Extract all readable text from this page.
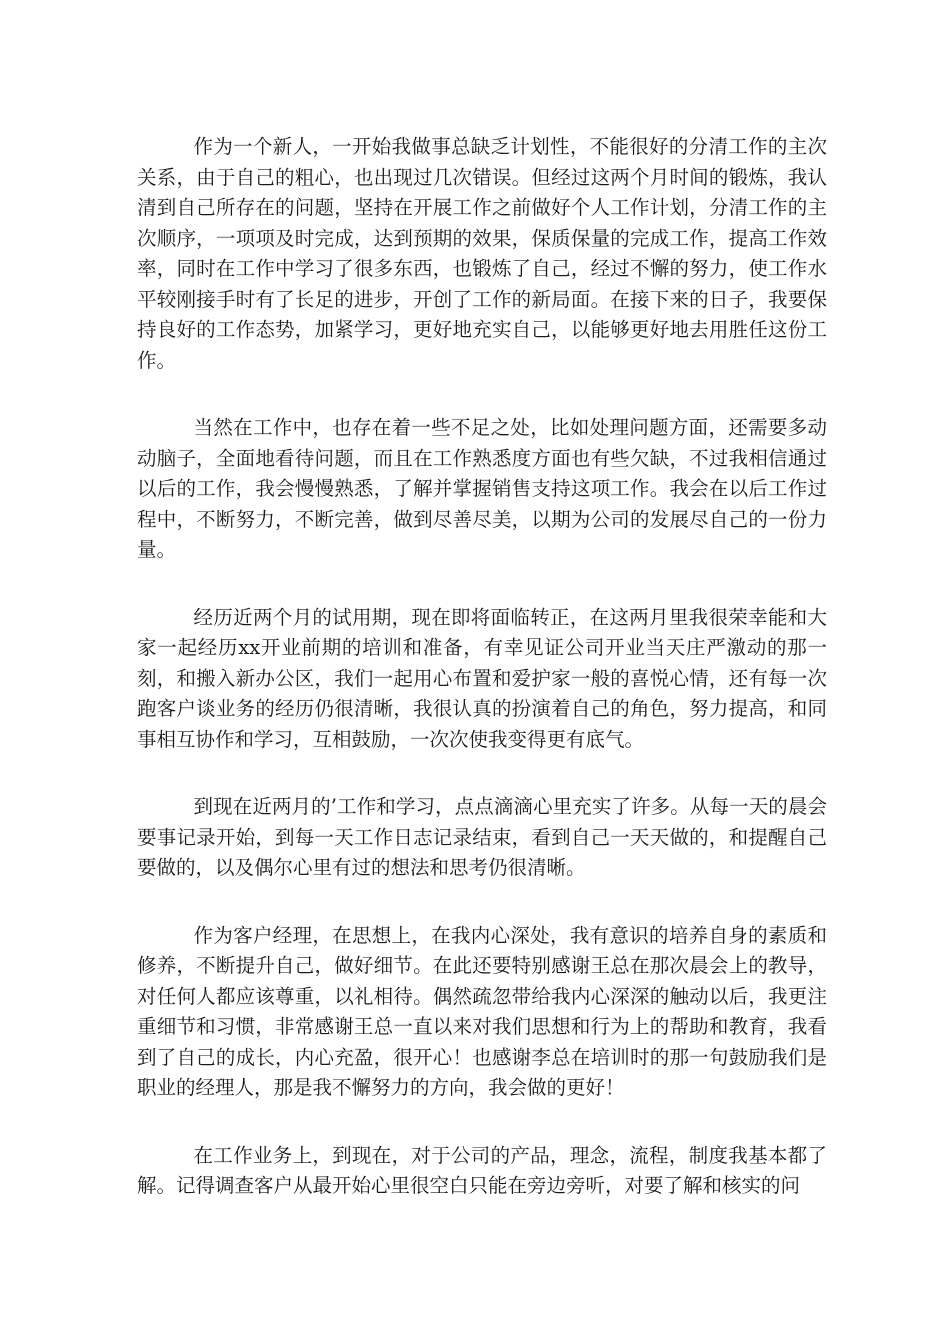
作为一个新人，一开始我做事总缺乏计划性，不能很好的分清工作的主次关系，由于自己的粗心，也出现过几次错误。但经过这两个月时间的锻炼，我认清到自己所存在的问题，坚持在开展工作之前做好个人工作计划，分清工作的主次顺序，一项项及时完成，达到预期的效果，保质保量的完成工作，提高工作效率，同时在工作中学习了很多东西，也锻炼了自己，经过不懈的努力，使工作水平较刚接手时有了长足的进步，开创了工作的新局面。在接下来的日子，我要保持良好的工作态势，加紧学习，更好地充实自己，以能够更好地去用胜任这份工作。

当然在工作中，也存在着一些不足之处，比如处理问题方面，还需要多动动脑子，全面地看待问题，而且在工作熟悉度方面也有些欠缺，不过我相信通过以后的工作，我会慢慢熟悉，了解并掌握销售支持这项工作。我会在以后工作过程中，不断努力，不断完善，做到尽善尽美，以期为公司的发展尽自己的一份力量。

经历近两个月的试用期，现在即将面临转正，在这两月里我很荣幸能和大家一起经历xx开业前期的培训和准备，有幸见证公司开业当天庄严激动的那一刻，和搬入新办公区，我们一起用心布置和爱护家一般的喜悦心情，还有每一次跑客户谈业务的经历仍很清晰，我很认真的扮演着自己的角色，努力提高，和同事相互协作和学习，互相鼓励，一次次使我变得更有底气。

到现在近两月的’工作和学习，点点滴滴心里充实了许多。从每一天的晨会要事记录开始，到每一天工作日志记录结束，看到自己一天天做的，和提醒自己要做的，以及偶尔心里有过的想法和思考仍很清晰。

作为客户经理，在思想上，在我内心深处，我有意识的培养自身的素质和修养，不断提升自己，做好细节。在此还要特别感谢王总在那次晨会上的教导，对任何人都应该尊重，以礼相待。偶然疏忽带给我内心深深的触动以后，我更注重细节和习惯，非常感谢王总一直以来对我们思想和行为上的帮助和教育，我看到了自己的成长，内心充盈，很开心！也感谢李总在培训时的那一句鼓励我们是职业的经理人，那是我不懈努力的方向，我会做的更好！

在工作业务上，到现在，对于公司的产品，理念，流程，制度我基本都了解。记得调查客户从最开始心里很空白只能在旁边旁听，对要了解和核实的问
